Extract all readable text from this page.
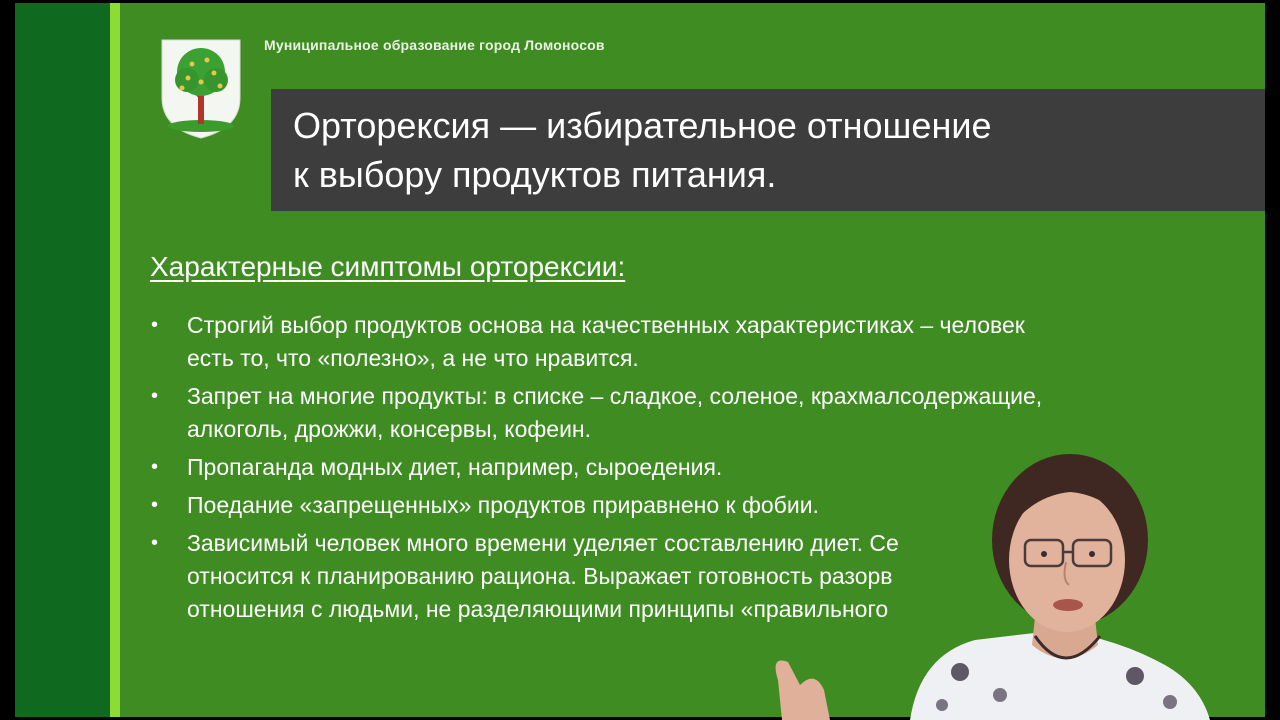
Муниципальное образование город Ломоносов
Орторексия — избирательное отношение
к выбору продуктов питания.
Характерные симптомы орторексии:
• Строгий выбор продуктов основа на качественных характеристиках – человек
есть то, что «полезно», а не что нравится.
• Запрет на многие продукты: в списке – сладкое, соленое, крахмалсодержащие,
алкоголь, дрожжи, консервы, кофеин.
• Пропаганда модных диет, например, сыроедения.
• Поедание «запрещенных» продуктов приравнено к фобии.
• Зависимый человек много времени уделяет составлению диет. Се
относится к планированию рациона. Выражает готовность разорв
отношения с людьми, не разделяющими принципы «правильного
